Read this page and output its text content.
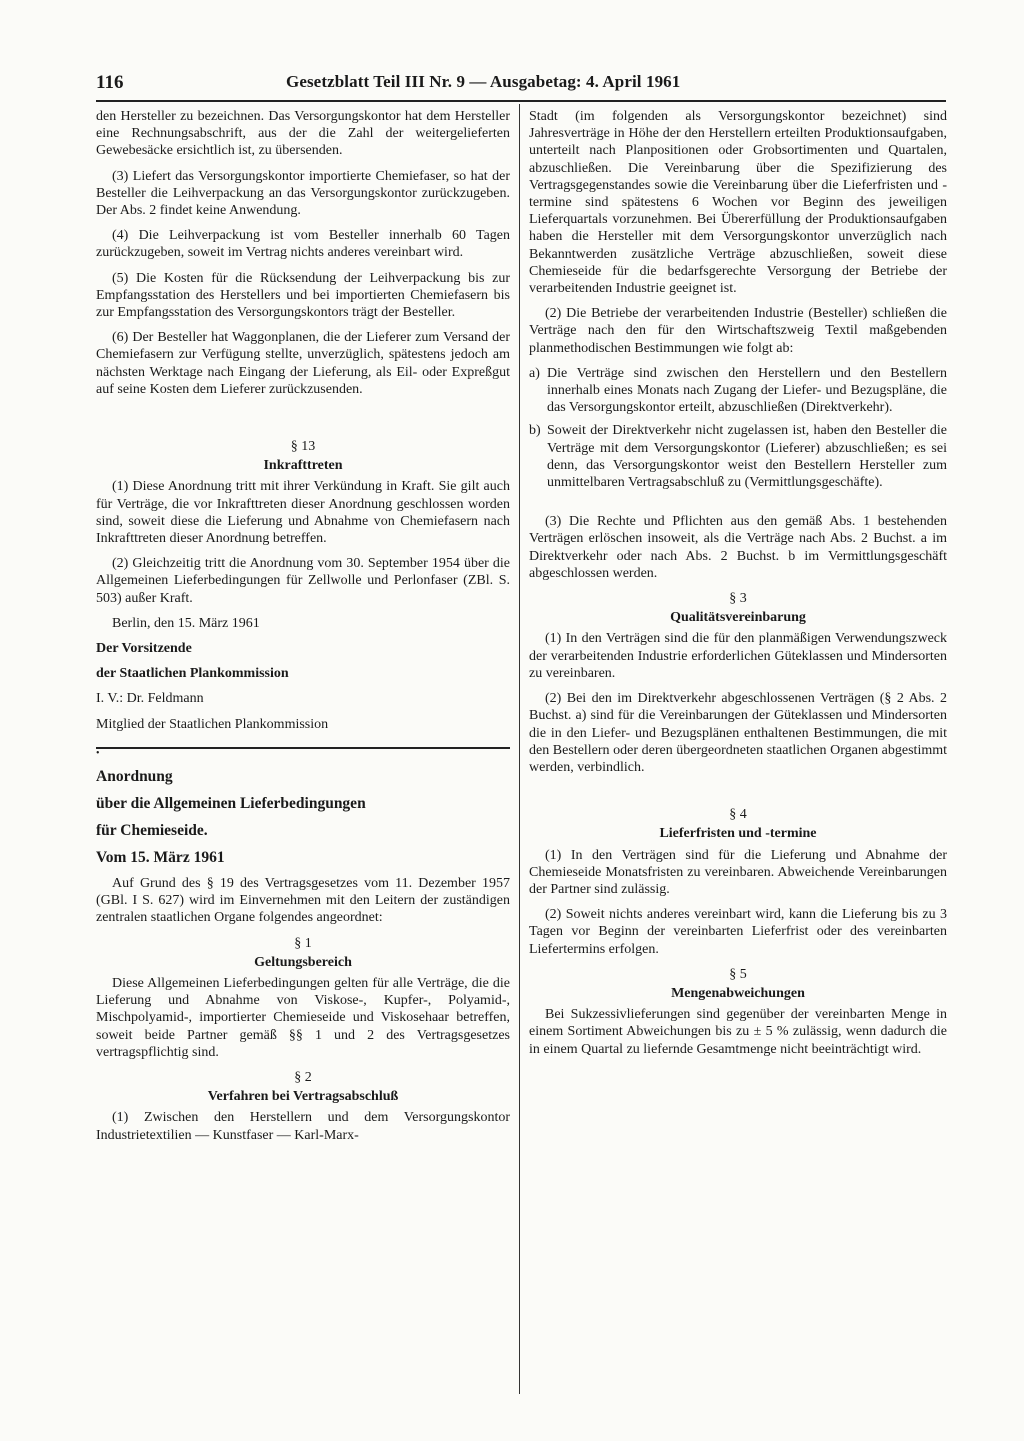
116	Gesetzblatt Teil III Nr. 9 — Ausgabetag: 4. April 1961

den Hersteller zu bezeichnen. Das Versorgungskontor hat dem Hersteller eine Rechnungsabschrift, aus der die Zahl der weitergelieferten Gewebesäcke ersichtlich ist, zu übersenden.

(3) Liefert das Versorgungskontor importierte Chemiefaser, so hat der Besteller die Leihverpackung an das Versorgungskontor zurückzugeben. Der Abs. 2 findet keine Anwendung.

(4) Die Leihverpackung ist vom Besteller innerhalb 60 Tagen zurückzugeben, soweit im Vertrag nichts anderes vereinbart wird.

(5) Die Kosten für die Rücksendung der Leihverpackung bis zur Empfangsstation des Herstellers und bei importierten Chemiefasern bis zur Empfangsstation des Versorgungskontors trägt der Besteller.

(6) Der Besteller hat Waggonplanen, die der Lieferer zum Versand der Chemiefasern zur Verfügung stellte, unverzüglich, spätestens jedoch am nächsten Werktage nach Eingang der Lieferung, als Eil- oder Expreßgut auf seine Kosten dem Lieferer zurückzusenden.

§ 13
Inkrafttreten

(1) Diese Anordnung tritt mit ihrer Verkündung in Kraft. Sie gilt auch für Verträge, die vor Inkrafttreten dieser Anordnung geschlossen worden sind, soweit diese die Lieferung und Abnahme von Chemiefasern nach Inkrafttreten dieser Anordnung betreffen.

(2) Gleichzeitig tritt die Anordnung vom 30. September 1954 über die Allgemeinen Lieferbedingungen für Zellwolle und Perlonfaser (ZBl. S. 503) außer Kraft.

Berlin, den 15. März 1961

Der Vorsitzende

der Staatlichen Plankommission

I. V.: Dr. Feldmann

Mitglied der Staatlichen Plankommission

•

Anordnung

über die Allgemeinen Lieferbedingungen

für Chemieseide.

Vom 15. März 1961

Auf Grund des § 19 des Vertragsgesetzes vom 11. Dezember 1957 (GBl. I S. 627) wird im Einvernehmen mit den Leitern der zuständigen zentralen staatlichen Organe folgendes angeordnet:

§ 1
Geltungsbereich

Diese Allgemeinen Lieferbedingungen gelten für alle Verträge, die die Lieferung und Abnahme von Viskose-, Kupfer-, Polyamid-, Mischpolyamid-, importierter Chemieseide und Viskosehaar betreffen, soweit beide Partner gemäß §§ 1 und 2 des Vertragsgesetzes vertragspflichtig sind.

§ 2
Verfahren bei Vertragsabschluß

(1) Zwischen den Herstellern und dem Versorgungskontor Industrietextilien — Kunstfaser — Karl-Marx-

Stadt (im folgenden als Versorgungskontor bezeichnet) sind Jahresverträge in Höhe der den Herstellern erteilten Produktionsaufgaben, unterteilt nach Planpositionen oder Grobsortimenten und Quartalen, abzuschließen. Die Vereinbarung über die Spezifizierung des Vertragsgegenstandes sowie die Vereinbarung über die Lieferfristen und -termine sind spätestens 6 Wochen vor Beginn des jeweiligen Lieferquartals vorzunehmen. Bei Übererfüllung der Produktionsaufgaben haben die Hersteller mit dem Versorgungskontor unverzüglich nach Bekanntwerden zusätzliche Verträge abzuschließen, soweit diese Chemieseide für die bedarfsgerechte Versorgung der Betriebe der verarbeitenden Industrie geeignet ist.

(2) Die Betriebe der verarbeitenden Industrie (Besteller) schließen die Verträge nach den für den Wirtschaftszweig Textil maßgebenden planmethodischen Bestimmungen wie folgt ab:

a) Die Verträge sind zwischen den Herstellern und den Bestellern innerhalb eines Monats nach Zugang der Liefer- und Bezugspläne, die das Versorgungskontor erteilt, abzuschließen (Direktverkehr).
b) Soweit der Direktverkehr nicht zugelassen ist, haben den Besteller die Verträge mit dem Versorgungskontor (Lieferer) abzuschließen; es sei denn, das Versorgungskontor weist den Bestellern Hersteller zum unmittelbaren Vertragsabschluß zu (Vermittlungsgeschäfte).

(3) Die Rechte und Pflichten aus den gemäß Abs. 1 bestehenden Verträgen erlöschen insoweit, als die Verträge nach Abs. 2 Buchst. a im Direktverkehr oder nach Abs. 2 Buchst. b im Vermittlungsgeschäft abgeschlossen werden.

§ 3
Qualitätsvereinbarung

(1) In den Verträgen sind die für den planmäßigen Verwendungszweck der verarbeitenden Industrie erforderlichen Güteklassen und Mindersorten zu vereinbaren.

(2) Bei den im Direktverkehr abgeschlossenen Verträgen (§ 2 Abs. 2 Buchst. a) sind für die Vereinbarungen der Güteklassen und Mindersorten die in den Liefer- und Bezugsplänen enthaltenen Bestimmungen, die mit den Bestellern oder deren übergeordneten staatlichen Organen abgestimmt werden, verbindlich.

§ 4
Lieferfristen und -termine

(1) In den Verträgen sind für die Lieferung und Abnahme der Chemieseide Monatsfristen zu vereinbaren. Abweichende Vereinbarungen der Partner sind zulässig.

(2) Soweit nichts anderes vereinbart wird, kann die Lieferung bis zu 3 Tagen vor Beginn der vereinbarten Lieferfrist oder des vereinbarten Liefertermins erfolgen.

§ 5
Mengenabweichungen

Bei Sukzessivlieferungen sind gegenüber der vereinbarten Menge in einem Sortiment Abweichungen bis zu ± 5 % zulässig, wenn dadurch die in einem Quartal zu liefernde Gesamtmenge nicht beeinträchtigt wird.
